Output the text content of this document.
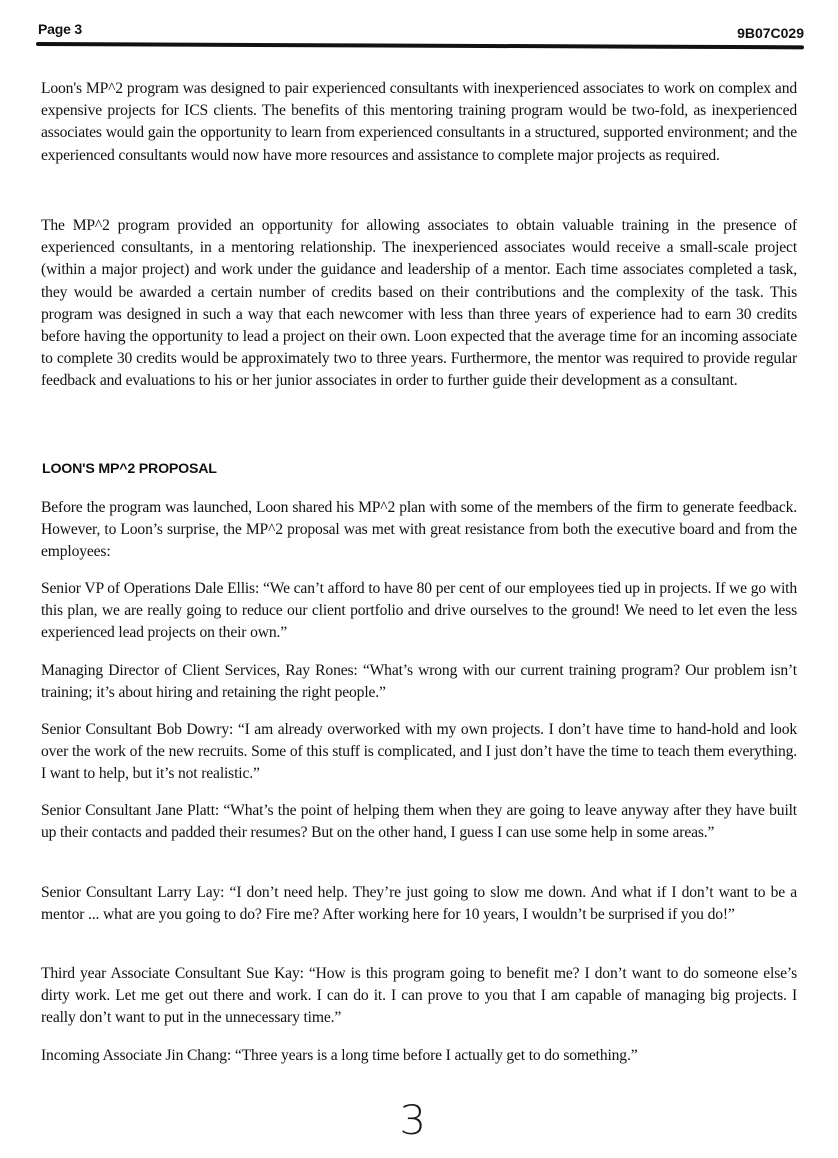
Page 3	9B07C029

Loon's MP^2 program was designed to pair experienced consultants with inexperienced associates to work on complex and expensive projects for ICS clients. The benefits of this mentoring training program would be two-fold, as inexperienced associates would gain the opportunity to learn from experienced consultants in a structured, supported environment; and the experienced consultants would now have more resources and assistance to complete major projects as required.

The MP^2 program provided an opportunity for allowing associates to obtain valuable training in the presence of experienced consultants, in a mentoring relationship. The inexperienced associates would receive a small-scale project (within a major project) and work under the guidance and leadership of a mentor. Each time associates completed a task, they would be awarded a certain number of credits based on their contributions and the complexity of the task. This program was designed in such a way that each newcomer with less than three years of experience had to earn 30 credits before having the opportunity to lead a project on their own. Loon expected that the average time for an incoming associate to complete 30 credits would be approximately two to three years. Furthermore, the mentor was required to provide regular feedback and evaluations to his or her junior associates in order to further guide their development as a consultant.

LOON'S MP^2 PROPOSAL

Before the program was launched, Loon shared his MP^2 plan with some of the members of the firm to generate feedback. However, to Loon’s surprise, the MP^2 proposal was met with great resistance from both the executive board and from the employees:

Senior VP of Operations Dale Ellis: “We can’t afford to have 80 per cent of our employees tied up in projects. If we go with this plan, we are really going to reduce our client portfolio and drive ourselves to the ground! We need to let even the less experienced lead projects on their own.”

Managing Director of Client Services, Ray Rones: “What’s wrong with our current training program? Our problem isn’t training; it’s about hiring and retaining the right people.”

Senior Consultant Bob Dowry: “I am already overworked with my own projects. I don’t have time to hand-hold and look over the work of the new recruits. Some of this stuff is complicated, and I just don’t have the time to teach them everything. I want to help, but it’s not realistic.”

Senior Consultant Jane Platt: “What’s the point of helping them when they are going to leave anyway after they have built up their contacts and padded their resumes? But on the other hand, I guess I can use some help in some areas.”

Senior Consultant Larry Lay: “I don’t need help. They’re just going to slow me down. And what if I don’t want to be a mentor ... what are you going to do? Fire me? After working here for 10 years, I wouldn’t be surprised if you do!”

Third year Associate Consultant Sue Kay: “How is this program going to benefit me? I don’t want to do someone else’s dirty work. Let me get out there and work. I can do it. I can prove to you that I am capable of managing big projects. I really don’t want to put in the unnecessary time.”

Incoming Associate Jin Chang: “Three years is a long time before I actually get to do something.”

3
